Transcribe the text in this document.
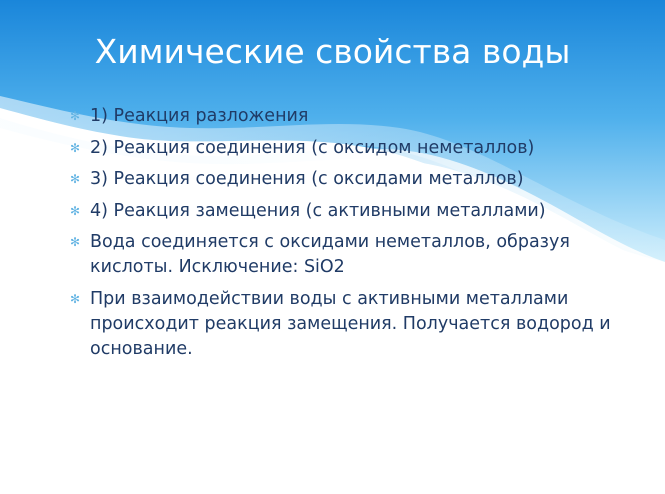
Химические свойства воды
✻ 1) Реакция разложения
✻ 2) Реакция соединения (с оксидом неметаллов)
✻ 3) Реакция соединения (с оксидами металлов)
✻ 4) Реакция замещения (с активными металлами)
✻ Вода соединяется с оксидами неметаллов, образуя кислоты. Исключение: SiO2
✻ При взаимодействии воды с активными металлами происходит реакция замещения. Получается водород и основание.
